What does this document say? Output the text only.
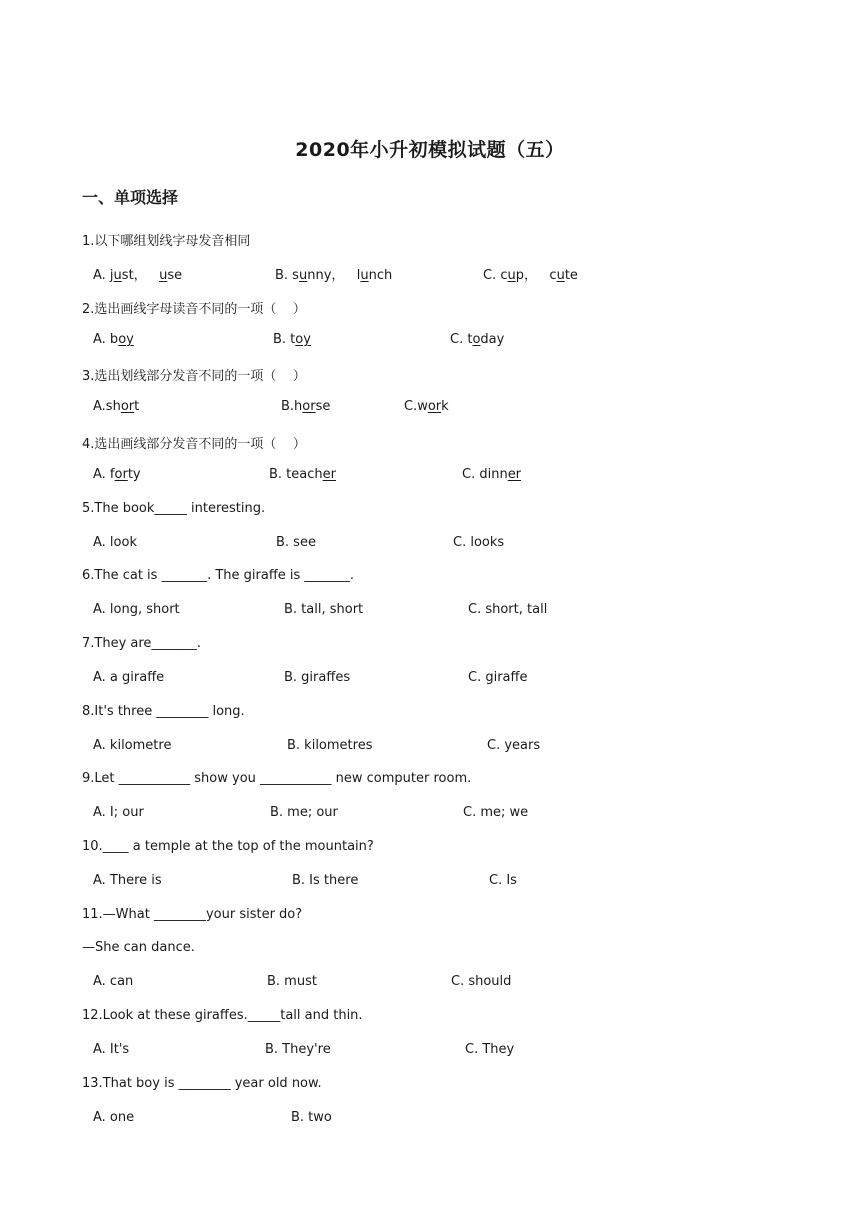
2020年小升初模拟试题（五）
一、单项选择
1.以下哪组划线字母发音相同
A. just，   use	B. sunny，   lunch	C. cup，   cute
2.选出画线字母读音不同的一项（    ）
A. boy	B. toy	C. today
3.选出划线部分发音不同的一项（    ）
A.short	B.horse	C.work
4.选出画线部分发音不同的一项（    ）
A. forty	B. teacher	C. dinner
5.The book_____ interesting.
A. look	B. see	C. looks
6.The cat is _______. The giraffe is _______.
A. long, short	B. tall, short	C. short, tall
7.They are_______.
A. a giraffe	B. giraffes	C. giraffe
8.It's three ________ long.
A. kilometre	B. kilometres	C. years
9.Let ___________ show you ___________ new computer room.
A. I; our	B. me; our	C. me; we
10.____ a temple at the top of the mountain?
A. There is	B. Is there	C. Is
11.—What ________your sister do?
—She can dance.
A. can	B. must	C. should
12.Look at these giraffes._____tall and thin.
A. It's	B. They're	C. They
13.That boy is ________ year old now.
A. one	B. two
